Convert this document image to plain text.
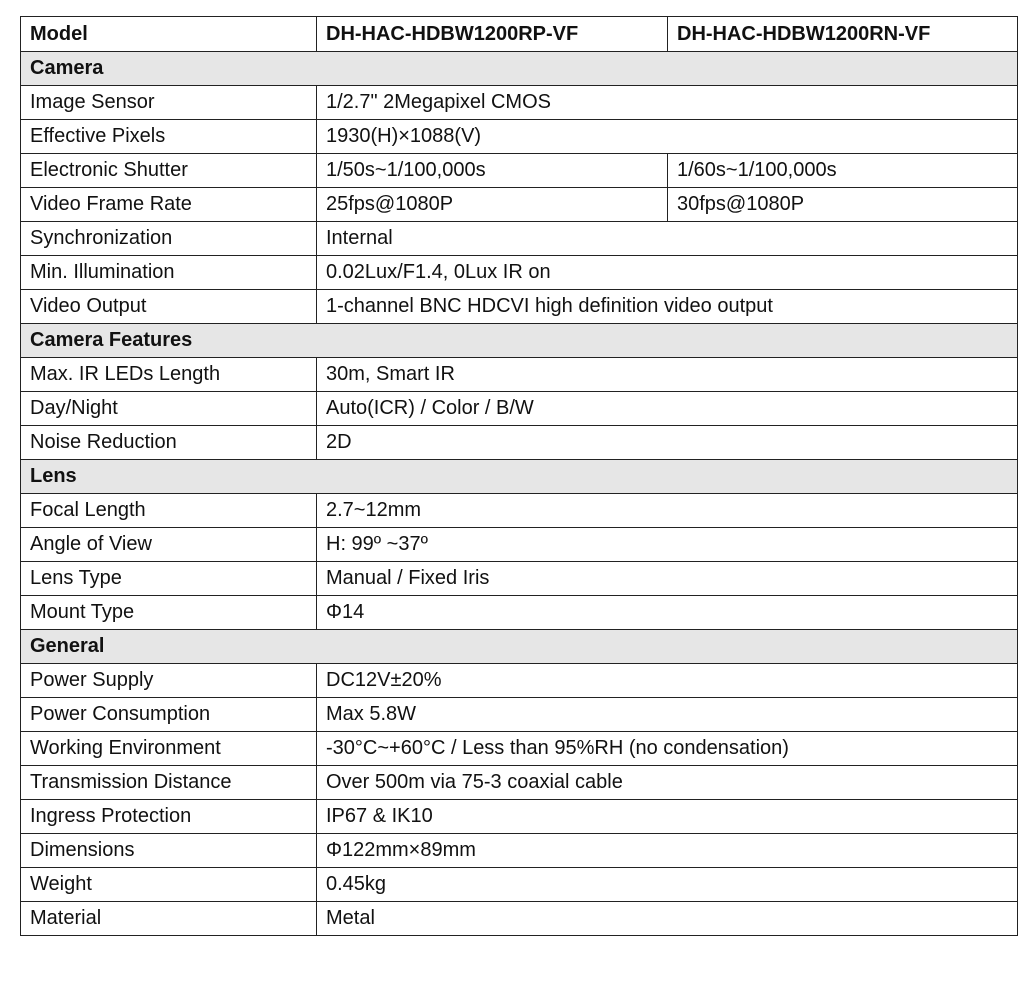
Model	DH-HAC-HDBW1200RP-VF	DH-HAC-HDBW1200RN-VF
Camera		
Image Sensor	1/2.7" 2Megapixel CMOS	
Effective Pixels	1930(H)×1088(V)	
Electronic Shutter	1/50s~1/100,000s	1/60s~1/100,000s
Video Frame Rate	25fps@1080P	30fps@1080P
Synchronization	Internal	
Min. Illumination	0.02Lux/F1.4, 0Lux IR on	
Video Output	1-channel BNC HDCVI high definition video output	
Camera Features		
Max. IR LEDs Length	30m, Smart IR	
Day/Night	Auto(ICR) / Color / B/W	
Noise Reduction	2D	
Lens		
Focal Length	2.7~12mm	
Angle of View	H: 99º ~37º	
Lens Type	Manual / Fixed Iris	
Mount Type	Φ14	
General		
Power Supply	DC12V±20%	
Power Consumption	Max 5.8W	
Working Environment	-30°C~+60°C / Less than 95%RH (no condensation)	
Transmission Distance	Over 500m via 75-3 coaxial cable	
Ingress Protection	IP67 & IK10	
Dimensions	Φ122mm×89mm	
Weight	0.45kg	
Material	Metal	
